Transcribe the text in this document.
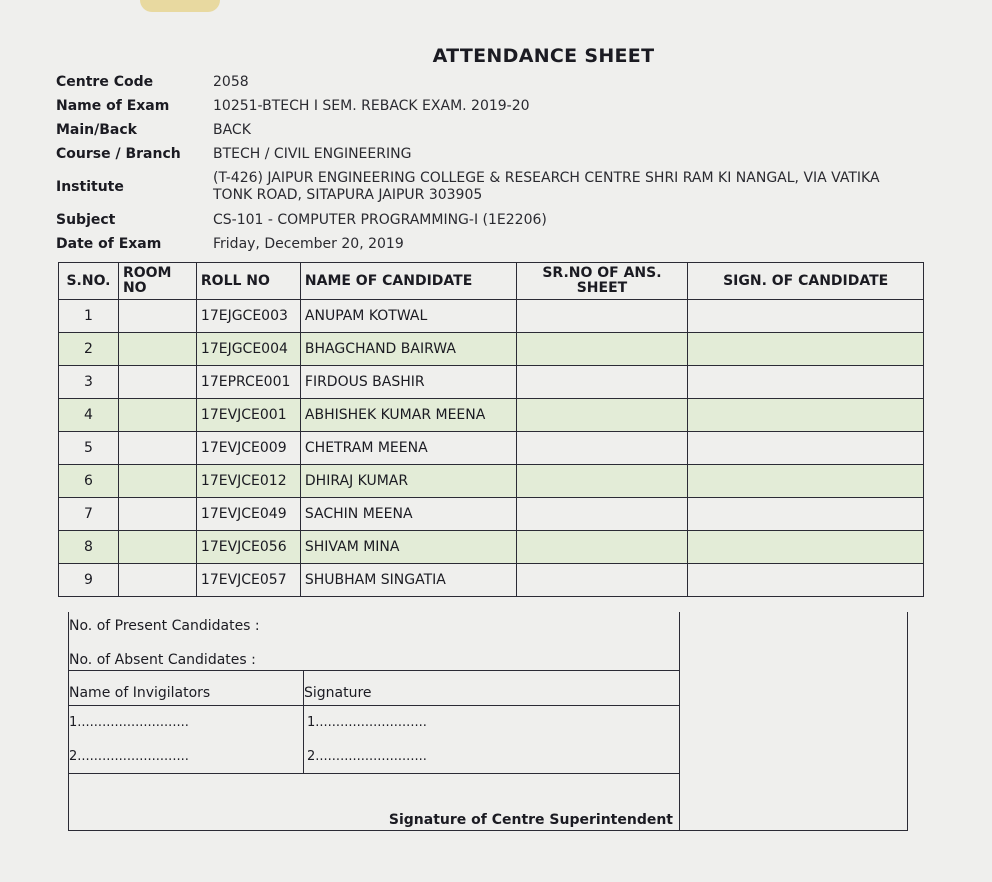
ATTENDANCE SHEET
Centre Code	2058
Name of Exam	10251-BTECH I SEM. REBACK EXAM. 2019-20
Main/Back	BACK
Course / Branch	BTECH / CIVIL ENGINEERING
Institute
(T-426) JAIPUR ENGINEERING COLLEGE & RESEARCH CENTRE SHRI RAM KI NANGAL, VIA VATIKA TONK ROAD, SITAPURA JAIPUR 303905
Subject	CS-101 - COMPUTER PROGRAMMING-I (1E2206)
Date of Exam	Friday, December 20, 2019
S.NO.	ROOM NO	ROLL NO	NAME OF CANDIDATE	SR.NO OF ANS. SHEET	SIGN. OF CANDIDATE
1		17EJGCE003	ANUPAM KOTWAL		
2		17EJGCE004	BHAGCHAND BAIRWA		
3		17EPRCE001	FIRDOUS BASHIR		
4		17EVJCE001	ABHISHEK KUMAR MEENA		
5		17EVJCE009	CHETRAM MEENA		
6		17EVJCE012	DHIRAJ KUMAR		
7		17EVJCE049	SACHIN MEENA		
8		17EVJCE056	SHIVAM MINA		
9		17EVJCE057	SHUBHAM SINGATIA		
No. of Present Candidates :
No. of Absent Candidates :
Name of Invigilators	Signature
1...........................
2...........................
1...........................
2...........................
Signature of Centre Superintendent
